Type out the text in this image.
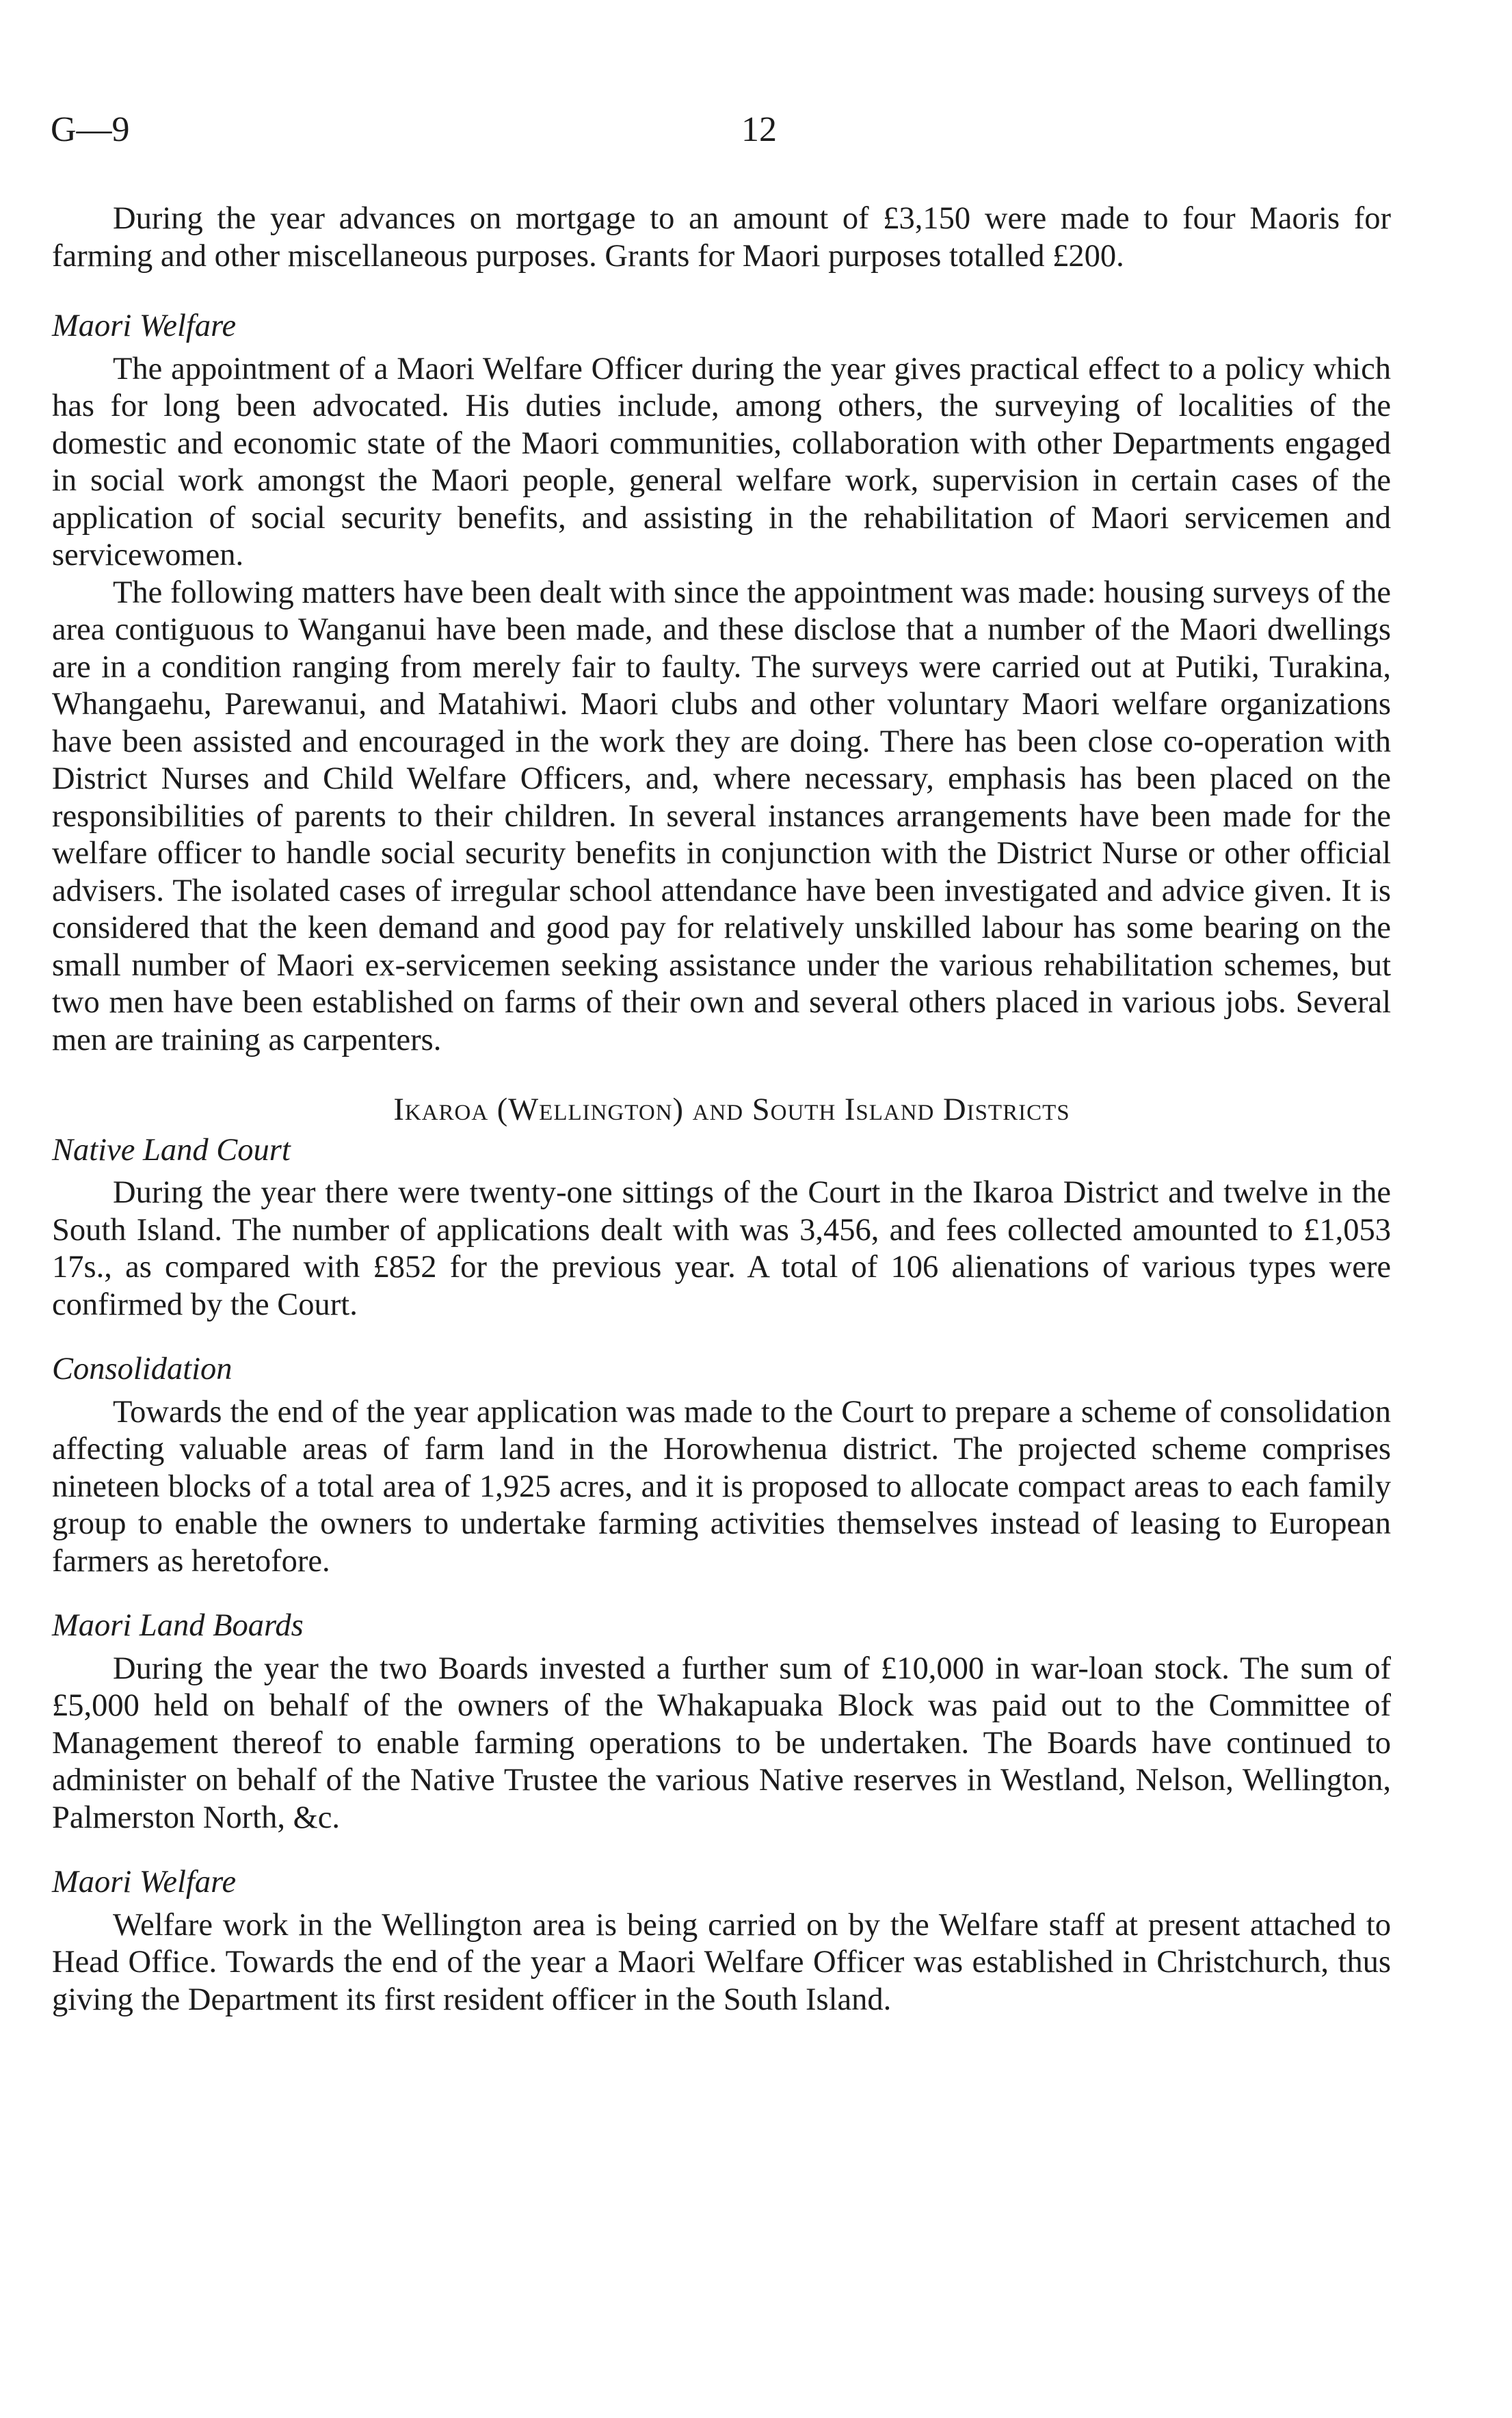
G—9	12

During the year advances on mortgage to an amount of £3,150 were made to four Maoris for farming and other miscellaneous purposes. Grants for Maori purposes totalled £200.

Maori Welfare

The appointment of a Maori Welfare Officer during the year gives practical effect to a policy which has for long been advocated. His duties include, among others, the surveying of localities of the domestic and economic state of the Maori communities, collaboration with other Departments engaged in social work amongst the Maori people, general welfare work, supervision in certain cases of the application of social security benefits, and assisting in the rehabilitation of Maori servicemen and servicewomen.

The following matters have been dealt with since the appointment was made: housing surveys of the area contiguous to Wanganui have been made, and these disclose that a number of the Maori dwellings are in a condition ranging from merely fair to faulty. The surveys were carried out at Putiki, Turakina, Whangaehu, Parewanui, and Matahiwi. Maori clubs and other voluntary Maori welfare organizations have been assisted and encouraged in the work they are doing. There has been close co-operation with District Nurses and Child Welfare Officers, and, where necessary, emphasis has been placed on the responsibilities of parents to their children. In several instances arrangements have been made for the welfare officer to handle social security benefits in conjunction with the District Nurse or other official advisers. The isolated cases of irregular school attendance have been investigated and advice given. It is considered that the keen demand and good pay for relatively unskilled labour has some bearing on the small number of Maori ex-servicemen seeking assistance under the various rehabilitation schemes, but two men have been established on farms of their own and several others placed in various jobs. Several men are training as carpenters.

Ikaroa (Wellington) and South Island Districts
Native Land Court

During the year there were twenty-one sittings of the Court in the Ikaroa District and twelve in the South Island. The number of applications dealt with was 3,456, and fees collected amounted to £1,053 17s., as compared with £852 for the previous year. A total of 106 alienations of various types were confirmed by the Court.

Consolidation

Towards the end of the year application was made to the Court to prepare a scheme of consolidation affecting valuable areas of farm land in the Horowhenua district. The projected scheme comprises nineteen blocks of a total area of 1,925 acres, and it is proposed to allocate compact areas to each family group to enable the owners to undertake farming activities themselves instead of leasing to European farmers as heretofore.

Maori Land Boards

During the year the two Boards invested a further sum of £10,000 in war-loan stock. The sum of £5,000 held on behalf of the owners of the Whakapuaka Block was paid out to the Committee of Management thereof to enable farming operations to be undertaken. The Boards have continued to administer on behalf of the Native Trustee the various Native reserves in Westland, Nelson, Wellington, Palmerston North, &c.

Maori Welfare

Welfare work in the Wellington area is being carried on by the Welfare staff at present attached to Head Office. Towards the end of the year a Maori Welfare Officer was established in Christchurch, thus giving the Department its first resident officer in the South Island.
